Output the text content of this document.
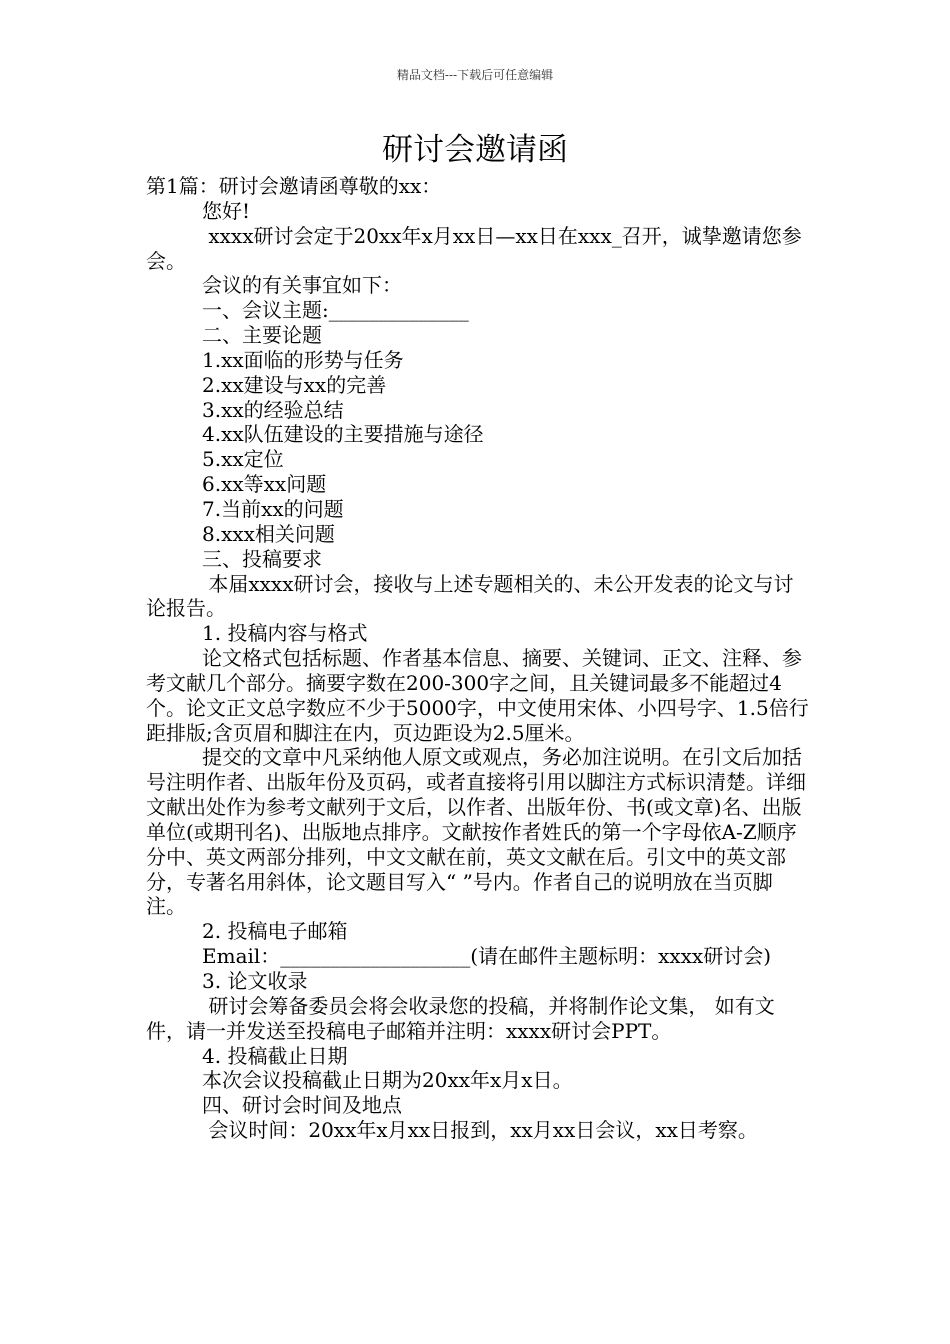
精品文档---下载后可任意编辑
研讨会邀请函

第1篇：研讨会邀请函尊敬的xx：

您好!

xxxx研讨会定于20xx年x月xx日—xx日在xxx_召开，诚挚邀请您参会。

会议的有关事宜如下：

一、会议主题:______________

二、主要论题

1.xx面临的形势与任务

2.xx建设与xx的完善

3.xx的经验总结

4.xx队伍建设的主要措施与途径

5.xx定位

6.xx等xx问题

7.当前xx的问题

8.xxx相关问题

三、投稿要求

本届xxxx研讨会，接收与上述专题相关的、未公开发表的论文与讨论报告。

1. 投稿内容与格式

论文格式包括标题、作者基本信息、摘要、关键词、正文、注释、参考文献几个部分。摘要字数在200-300字之间，且关键词最多不能超过4个。论文正文总字数应不少于5000字，中文使用宋体、小四号字、1.5倍行距排版;含页眉和脚注在内，页边距设为2.5厘米。

提交的文章中凡采纳他人原文或观点，务必加注说明。在引文后加括号注明作者、出版年份及页码，或者直接将引用以脚注方式标识清楚。详细文献出处作为参考文献列于文后，以作者、出版年份、书(或文章)名、出版单位(或期刊名)、出版地点排序。文献按作者姓氏的第一个字母依A-Z顺序分中、英文两部分排列，中文文献在前，英文文献在后。引文中的英文部分，专著名用斜体，论文题目写入“ ”号内。作者自己的说明放在当页脚注。

2. 投稿电子邮箱

Email：___________________(请在邮件主题标明：xxxx研讨会)

3. 论文收录

研讨会筹备委员会将会收录您的投稿，并将制作论文集， 如有文件，请一并发送至投稿电子邮箱并注明：xxxx研讨会PPT。

4. 投稿截止日期

本次会议投稿截止日期为20xx年x月x日。

四、研讨会时间及地点

会议时间：20xx年x月xx日报到，xx月xx日会议，xx日考察。
